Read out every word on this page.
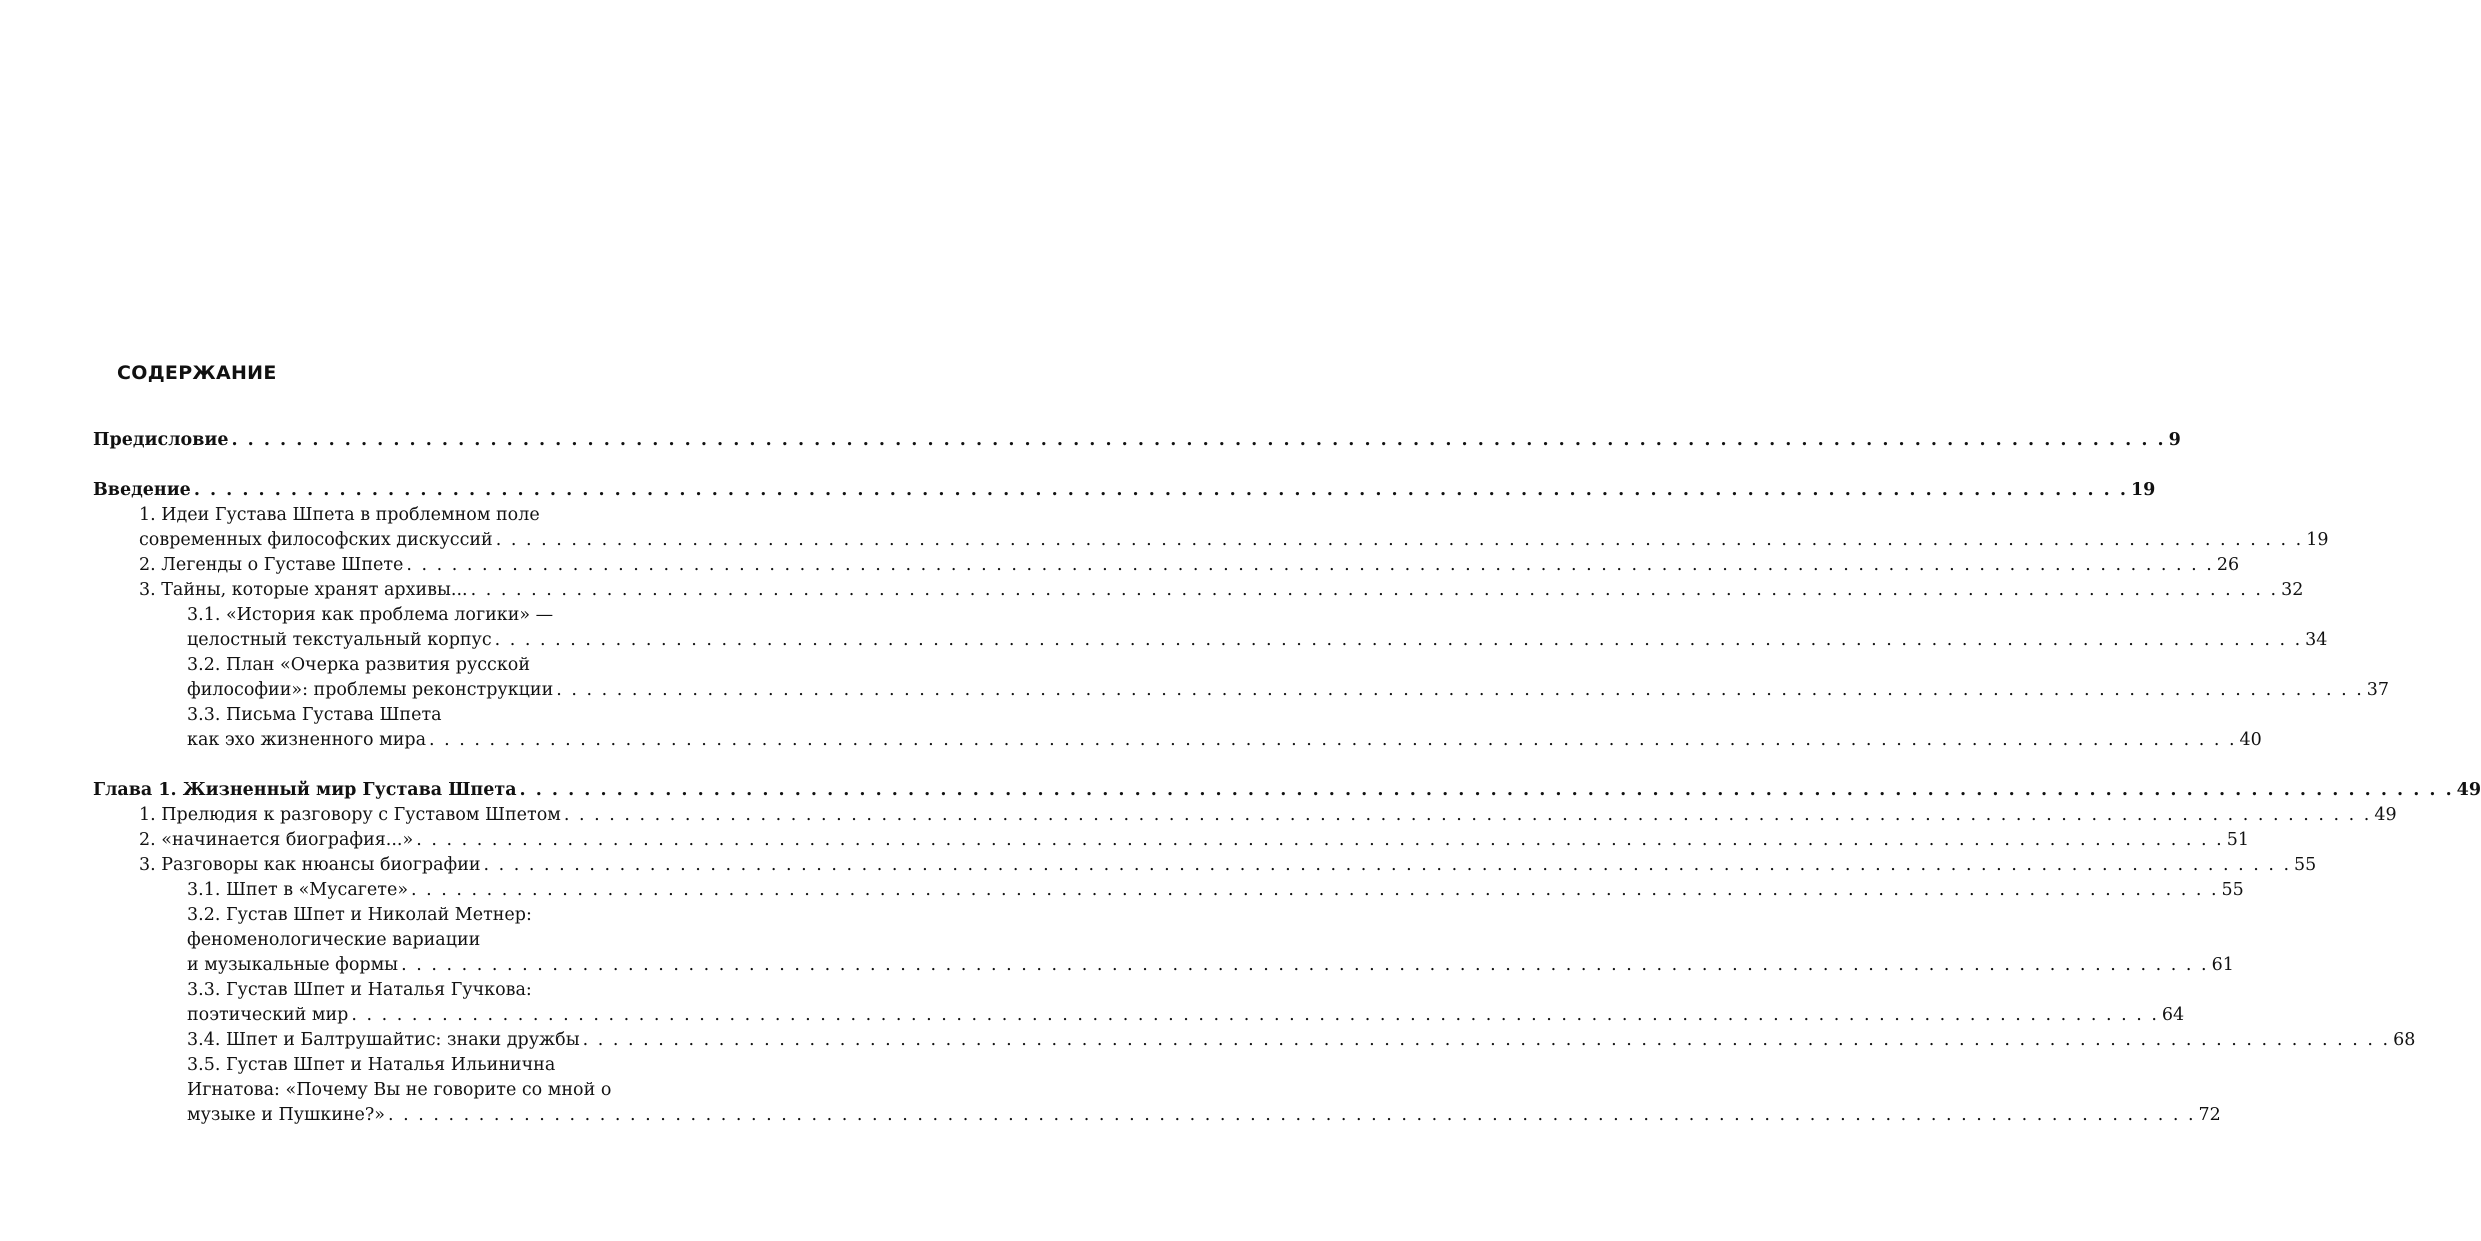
СОДЕРЖАНИЕ
Предисловие . . . . . . . . . . . . . . . . . . . . . . . . . . . . . . . . . . . . . . . . . . . . . . . . . . . . . . . . . . . . . . . . . . . . . . . . . . . . . . . . . . . . . . . . . . . . . . . . . . . . . . . . . . . . . . . . . . . . . . . . 9
Введение . . . . . . . . . . . . . . . . . . . . . . . . . . . . . . . . . . . . . . . . . . . . . . . . . . . . . . . . . . . . . . . . . . . . . . . . . . . . . . . . . . . . . . . . . . . . . . . . . . . . . . . . . . . . . . . . . . . . . . . . 19
1. Идеи Густава Шпета в проблемном поле
современных философских дискуссий . . . . . . . . . . . . . . . . . . . . . . . . . . . . . . . . . . . . . . . . . . . . . . . . . . . . . . . . . . . . . . . . . . . . . . . . . . . . . . . . . . . . . . . . . . . . . . . . . . . . . . . . . . . . . . . . . . . . . . . . 19
2. Легенды о Густаве Шпете . . . . . . . . . . . . . . . . . . . . . . . . . . . . . . . . . . . . . . . . . . . . . . . . . . . . . . . . . . . . . . . . . . . . . . . . . . . . . . . . . . . . . . . . . . . . . . . . . . . . . . . . . . . . . . . . . . . . . . . . 26
3. Тайны, которые хранят архивы... . . . . . . . . . . . . . . . . . . . . . . . . . . . . . . . . . . . . . . . . . . . . . . . . . . . . . . . . . . . . . . . . . . . . . . . . . . . . . . . . . . . . . . . . . . . . . . . . . . . . . . . . . . . . . . . . . . . . . . . . 32
3.1. «История как проблема логики» —
целостный текстуальный корпус . . . . . . . . . . . . . . . . . . . . . . . . . . . . . . . . . . . . . . . . . . . . . . . . . . . . . . . . . . . . . . . . . . . . . . . . . . . . . . . . . . . . . . . . . . . . . . . . . . . . . . . . . . . . . . . . . . . . . . . . 34
3.2. План «Очерка развития русской
философии»: проблемы реконструкции . . . . . . . . . . . . . . . . . . . . . . . . . . . . . . . . . . . . . . . . . . . . . . . . . . . . . . . . . . . . . . . . . . . . . . . . . . . . . . . . . . . . . . . . . . . . . . . . . . . . . . . . . . . . . . . . . . . . . . . . 37
3.3. Письма Густава Шпета
как эхо жизненного мира . . . . . . . . . . . . . . . . . . . . . . . . . . . . . . . . . . . . . . . . . . . . . . . . . . . . . . . . . . . . . . . . . . . . . . . . . . . . . . . . . . . . . . . . . . . . . . . . . . . . . . . . . . . . . . . . . . . . . . . . 40
Глава 1. Жизненный мир Густава Шпета . . . . . . . . . . . . . . . . . . . . . . . . . . . . . . . . . . . . . . . . . . . . . . . . . . . . . . . . . . . . . . . . . . . . . . . . . . . . . . . . . . . . . . . . . . . . . . . . . . . . . . . . . . . . . . . . . . . . . . . . 49
1. Прелюдия к разговору с Густавом Шпетом . . . . . . . . . . . . . . . . . . . . . . . . . . . . . . . . . . . . . . . . . . . . . . . . . . . . . . . . . . . . . . . . . . . . . . . . . . . . . . . . . . . . . . . . . . . . . . . . . . . . . . . . . . . . . . . . . . . . . . . . 49
2. «начинается биография...» . . . . . . . . . . . . . . . . . . . . . . . . . . . . . . . . . . . . . . . . . . . . . . . . . . . . . . . . . . . . . . . . . . . . . . . . . . . . . . . . . . . . . . . . . . . . . . . . . . . . . . . . . . . . . . . . . . . . . . . . 51
3. Разговоры как нюансы биографии . . . . . . . . . . . . . . . . . . . . . . . . . . . . . . . . . . . . . . . . . . . . . . . . . . . . . . . . . . . . . . . . . . . . . . . . . . . . . . . . . . . . . . . . . . . . . . . . . . . . . . . . . . . . . . . . . . . . . . . . 55
3.1. Шпет в «Мусагете» . . . . . . . . . . . . . . . . . . . . . . . . . . . . . . . . . . . . . . . . . . . . . . . . . . . . . . . . . . . . . . . . . . . . . . . . . . . . . . . . . . . . . . . . . . . . . . . . . . . . . . . . . . . . . . . . . . . . . . . . 55
3.2. Густав Шпет и Николай Метнер:
феноменологические вариации
и музыкальные формы . . . . . . . . . . . . . . . . . . . . . . . . . . . . . . . . . . . . . . . . . . . . . . . . . . . . . . . . . . . . . . . . . . . . . . . . . . . . . . . . . . . . . . . . . . . . . . . . . . . . . . . . . . . . . . . . . . . . . . . . 61
3.3. Густав Шпет и Наталья Гучкова:
поэтический мир . . . . . . . . . . . . . . . . . . . . . . . . . . . . . . . . . . . . . . . . . . . . . . . . . . . . . . . . . . . . . . . . . . . . . . . . . . . . . . . . . . . . . . . . . . . . . . . . . . . . . . . . . . . . . . . . . . . . . . . . 64
3.4. Шпет и Балтрушайтис: знаки дружбы . . . . . . . . . . . . . . . . . . . . . . . . . . . . . . . . . . . . . . . . . . . . . . . . . . . . . . . . . . . . . . . . . . . . . . . . . . . . . . . . . . . . . . . . . . . . . . . . . . . . . . . . . . . . . . . . . . . . . . . . 68
3.5. Густав Шпет и Наталья Ильинична
Игнатова: «Почему Вы не говорите со мной о
музыке и Пушкине?» . . . . . . . . . . . . . . . . . . . . . . . . . . . . . . . . . . . . . . . . . . . . . . . . . . . . . . . . . . . . . . . . . . . . . . . . . . . . . . . . . . . . . . . . . . . . . . . . . . . . . . . . . . . . . . . . . . . . . . . . 72
